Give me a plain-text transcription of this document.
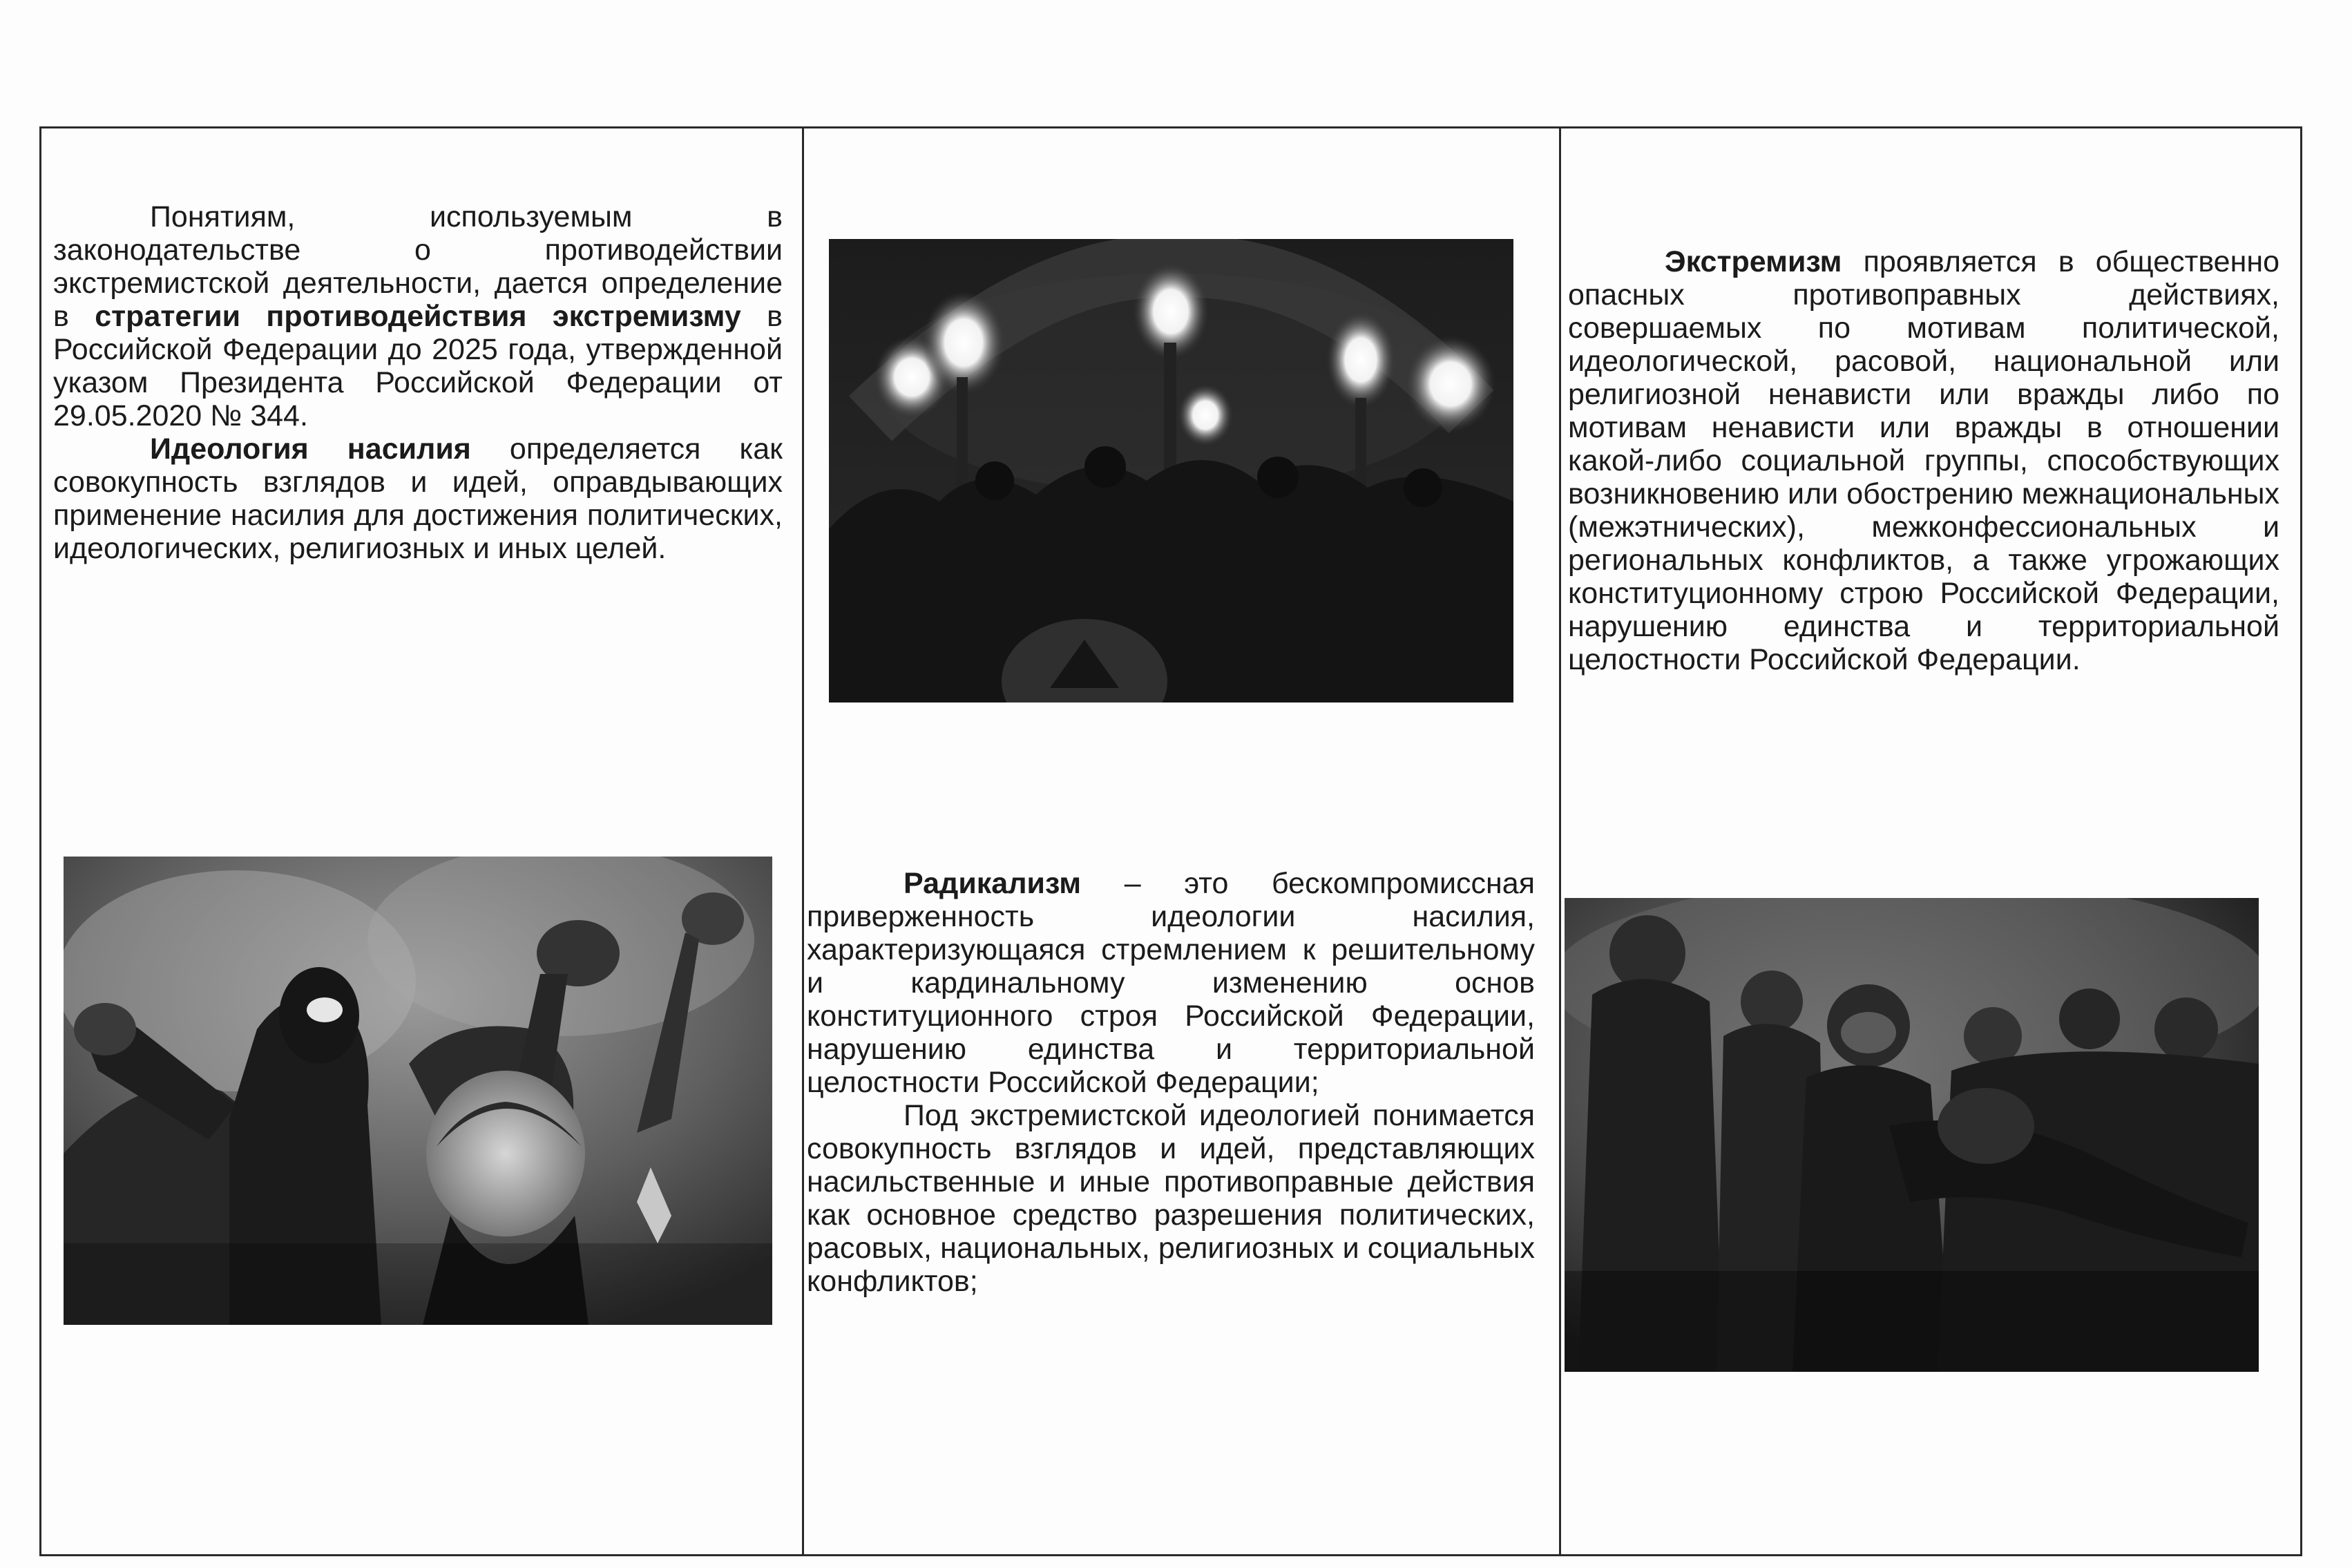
Понятиям, используемым в законодательстве о противодействии экстремистской деятельности, дается определение в стратегии противодействия экстремизму в Российской Федерации до 2025 года, утвержденной указом Президента Российской Федерации от 29.05.2020 № 344.

Идеология насилия определяется как совокупность взглядов и идей, оправдывающих применение насилия для достижения политических, идеологических, религиозных и иных целей.

Радикализм – это бескомпромиссная приверженность идеологии насилия, характеризующаяся стремлением к решительному и кардинальному изменению основ конституционного строя Российской Федерации, нарушению единства и территориальной целостности Российской Федерации;

Под экстремистской идеологией понимается совокупность взглядов и идей, представляющих насильственные и иные противоправные действия как основное средство разрешения политических, расовых, национальных, религиозных и социальных конфликтов;

Экстремизм проявляется в общественно опасных противоправных действиях, совершаемых по мотивам политической, идеологической, расовой, национальной или религиозной ненависти или вражды либо по мотивам ненависти или вражды в отношении какой-либо социальной группы, способствующих возникновению или обострению межнациональных (межэтнических), межконфессиональных и региональных конфликтов, а также угрожающих конституционному строю Российской Федерации, нарушению единства и территориальной целостности Российской Федерации.
